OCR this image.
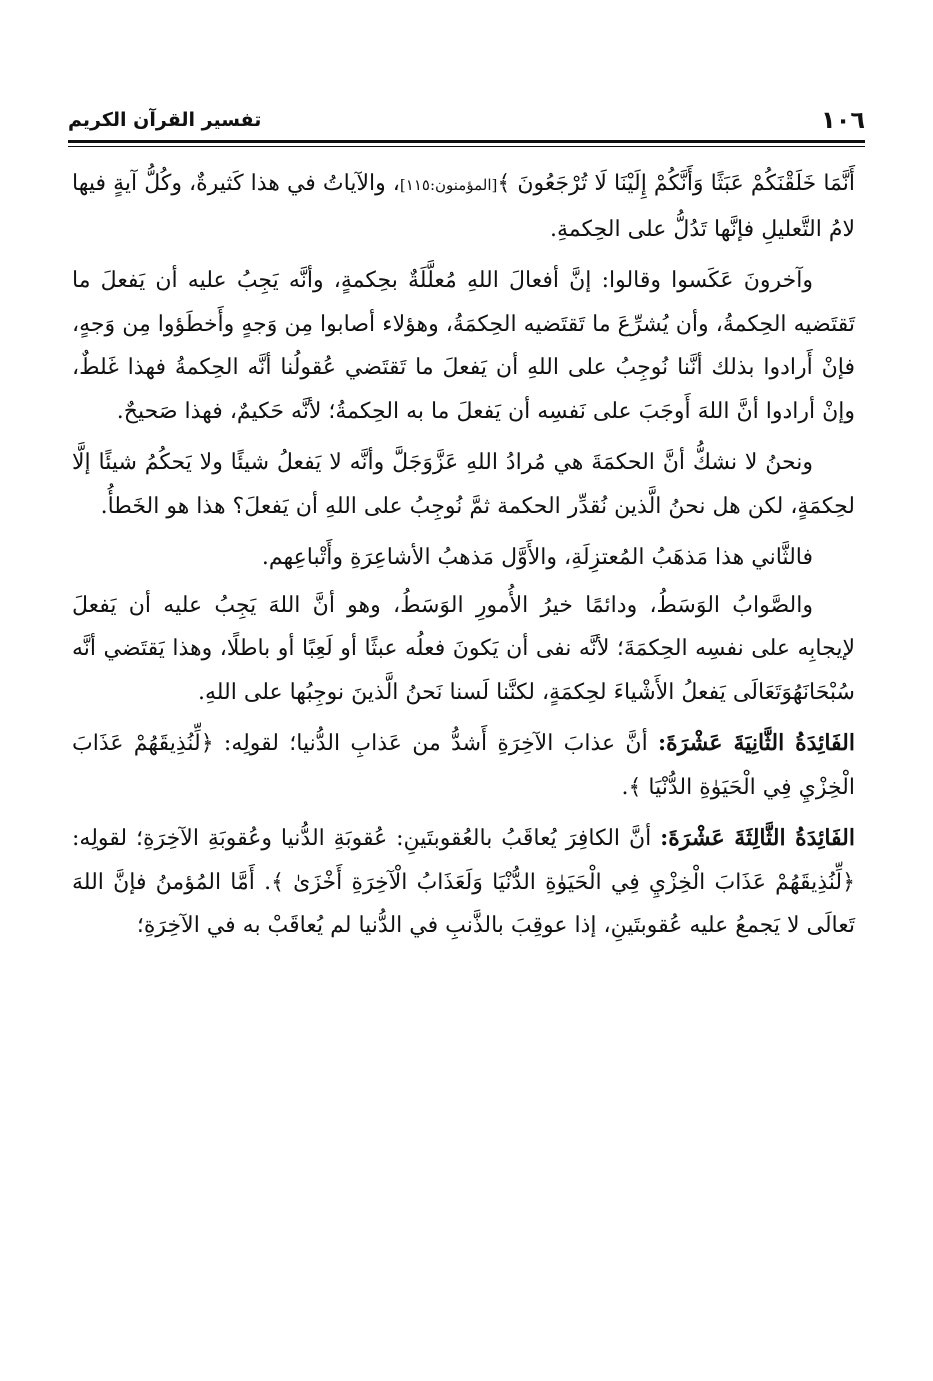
١٠٦
تفسير القرآن الكريم

أَنَّمَا خَلَقْنَكُمْ عَبَثًا وَأَنَّكُمْ إِلَيْنَا لَا تُرْجَعُونَ ﴾[المؤمنون:١١٥]، والآياتُ في هذا كَثيرةٌ، وكُلُّ آيةٍ فيها لامُ التَّعليلِ فإنَّها تَدُلُّ على الحِكمةِ.

وآخرونَ عَكَسوا وقالوا: إنَّ أفعالَ اللهِ مُعلَّلَةٌ بحِكمةٍ، وأنَّه يَجِبُ عليه أن يَفعلَ ما تَقتَضيه الحِكمةُ، وأن يُشرِّعَ ما تَقتَضيه الحِكمَةُ، وهؤلاء أصابوا مِن وَجهٍ وأَخطَؤوا مِن وَجهٍ، فإنْ أَرادوا بذلك أنَّنا نُوجِبُ على اللهِ أن يَفعلَ ما تَقتَضي عُقولُنا أنَّه الحِكمةُ فهذا غَلطٌ، وإنْ أرادوا أنَّ اللهَ أَوجَبَ على نَفسِه أن يَفعلَ ما به الحِكمةُ؛ لأنَّه حَكيمٌ، فهذا صَحيحٌ.

ونحنُ لا نشكُّ أنَّ الحكمَةَ هي مُرادُ اللهِ عَزَّوَجَلَّ وأنَّه لا يَفعلُ شيئًا ولا يَحكُمُ شيئًا إلَّا لحِكمَةٍ، لكن هل نحنُ الَّذين نُقدِّر الحكمة ثمَّ نُوجِبُ على اللهِ أن يَفعلَ؟ هذا هو الخَطأُ.

فالثَّاني هذا مَذهَبُ المُعتزِلَةِ، والأَوَّل مَذهبُ الأشاعِرَةِ وأَتْباعِهم.

والصَّوابُ الوَسَطُ، ودائمًا خيرُ الأُمورِ الوَسَطُ، وهو أنَّ اللهَ يَجِبُ عليه أن يَفعلَ لإيجابِه على نفسِه الحِكمَةَ؛ لأنَّه نفى أن يَكونَ فعلُه عبثًا أو لَعِبًا أو باطلًا، وهذا يَقتَضي أنَّه سُبْحَانَهُوَتَعَالَى يَفعلُ الأَشْياءَ لحِكمَةٍ، لكنَّنا لَسنا نَحنُ الَّذينَ نوجِبُها على اللهِ.

الفَائِدَةُ الثَّانِيَةَ عَشْرَةَ: أنَّ عذابَ الآخِرَةِ أَشدُّ من عَذابِ الدُّنيا؛ لقولِه: ﴿لِّنُذِيقَهُمْ عَذَابَ الْخِزْيِ فِي الْحَيَوٰةِ الدُّنْيَا ﴾.

الفَائِدَةُ الثَّالِثَةَ عَشْرَةَ: أنَّ الكافِرَ يُعاقَبُ بالعُقوبتَينِ: عُقوبَةِ الدُّنيا وعُقوبَةِ الآخِرَةِ؛ لقولِه: ﴿لِّنُذِيقَهُمْ عَذَابَ الْخِزْيِ فِي الْحَيَوٰةِ الدُّنْيَا وَلَعَذَابُ الْآخِرَةِ أَخْزَىٰ ﴾. أَمَّا المُؤمنُ فإنَّ اللهَ تَعالَى لا يَجمعُ عليه عُقوبتَينِ، إذا عوقِبَ بالذَّنبِ في الدُّنيا لم يُعاقَبْ به في الآخِرَةِ؛
